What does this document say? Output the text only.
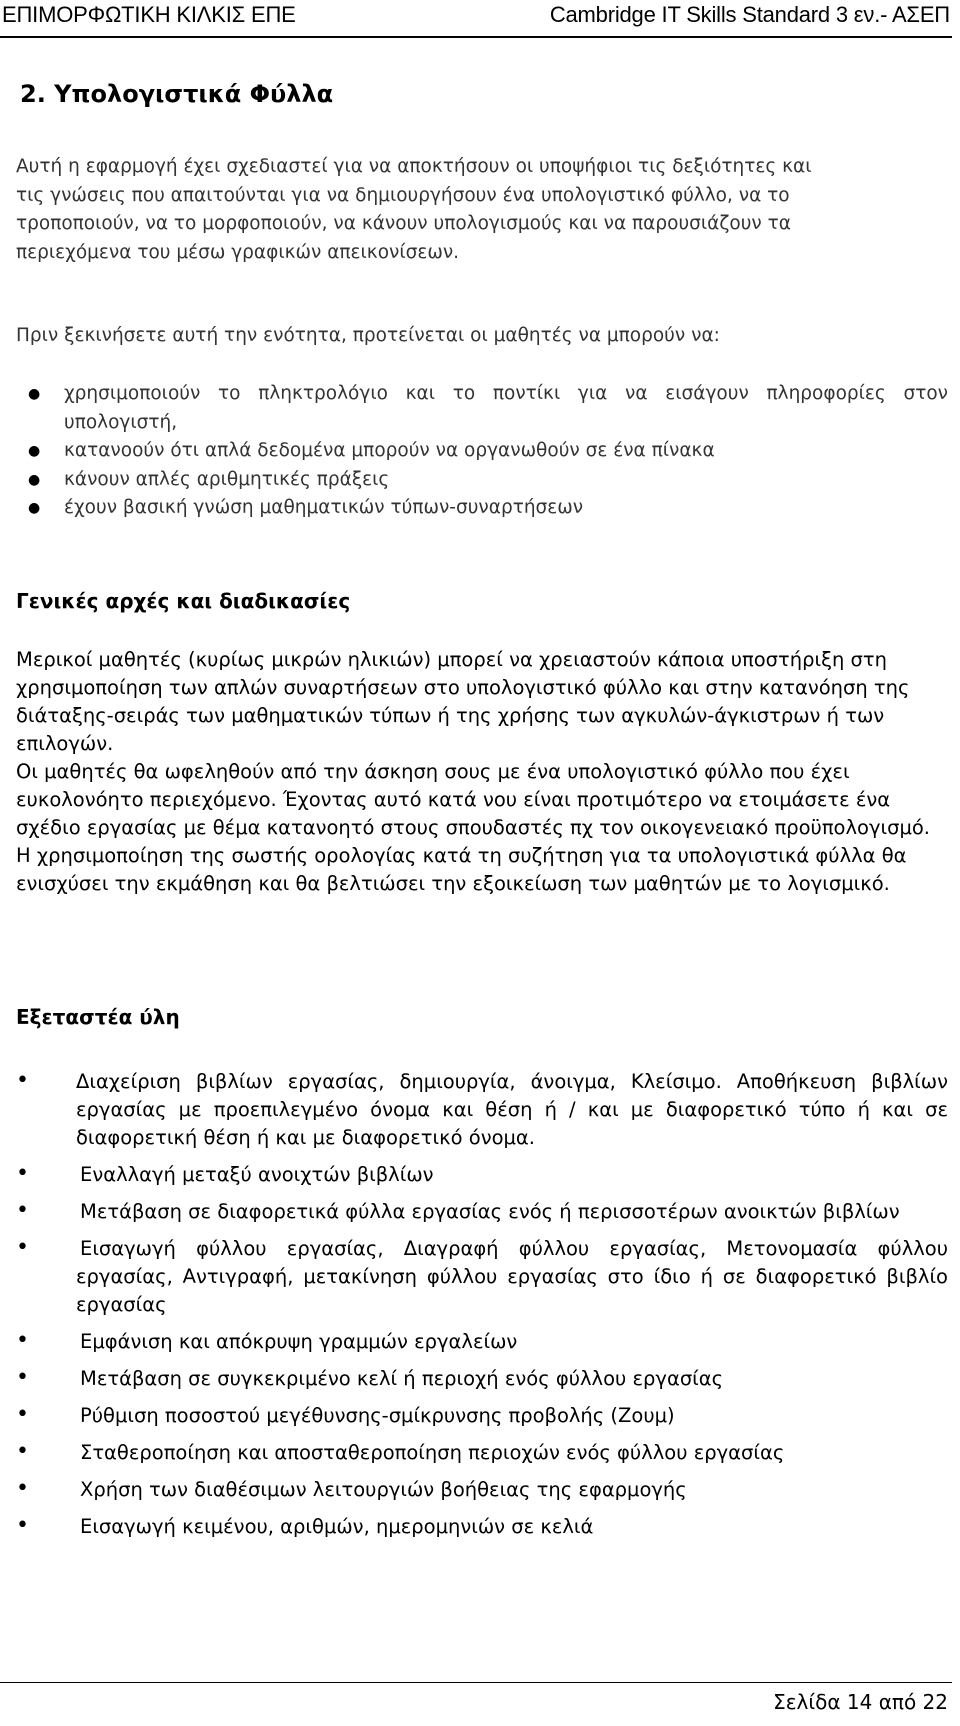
ΕΠΙΜΟΡΦΩΤΙΚΗ ΚΙΛΚΙΣ ΕΠΕ	Cambridge IT Skills Standard 3 εν.- ΑΣΕΠ
2. Υπολογιστικά Φύλλα
Αυτή η εφαρμογή έχει σχεδιαστεί για να αποκτήσουν οι υποψήφιοι τις δεξιότητες και
τις γνώσεις που απαιτούνται για να δημιουργήσουν ένα υπολογιστικό φύλλο, να το
τροποποιούν, να το μορφοποιούν, να κάνουν υπολογισμούς και να παρουσιάζουν τα
περιεχόμενα του μέσω γραφικών απεικονίσεων.
Πριν ξεκινήσετε αυτή την ενότητα, προτείνεται οι μαθητές να μπορούν να:
● χρησιμοποιούν το πληκτρολόγιο και το ποντίκι για να εισάγουν πληροφορίες στον υπολογιστή,
● κατανοούν ότι απλά δεδομένα μπορούν να οργανωθούν σε ένα πίνακα
● κάνουν απλές αριθμητικές πράξεις
● έχουν βασική γνώση μαθηματικών τύπων-συναρτήσεων
Γενικές αρχές και διαδικασίες
Μερικοί μαθητές (κυρίως μικρών ηλικιών) μπορεί να χρειαστούν κάποια υποστήριξη στη χρησιμοποίηση των απλών συναρτήσεων στο υπολογιστικό φύλλο και στην κατανόηση της διάταξης-σειράς των μαθηματικών τύπων ή της χρήσης των αγκυλών-άγκιστρων ή των επιλογών.
Οι μαθητές θα ωφεληθούν από την άσκηση σους με ένα υπολογιστικό φύλλο που έχει ευκολονόητο περιεχόμενο. Έχοντας αυτό κατά νου είναι προτιμότερο να ετοιμάσετε ένα σχέδιο εργασίας με θέμα κατανοητό στους σπουδαστές πχ τον οικογενειακό προϋπολογισμό.
Η χρησιμοποίηση της σωστής ορολογίας κατά τη συζήτηση για τα υπολογιστικά φύλλα θα ενισχύσει την εκμάθηση και θα βελτιώσει την εξοικείωση των μαθητών με το λογισμικό.
Εξεταστέα ύλη
• Διαχείριση βιβλίων εργασίας, δημιουργία, άνοιγμα, Κλείσιμο. Αποθήκευση βιβλίων εργασίας με προεπιλεγμένο όνομα και θέση ή / και με διαφορετικό τύπο ή και σε διαφορετική θέση ή και με διαφορετικό όνομα.
•	Εναλλαγή μεταξύ ανοιχτών βιβλίων
•	Μετάβαση σε διαφορετικά φύλλα εργασίας ενός ή περισσοτέρων ανοικτών βιβλίων
•	Εισαγωγή φύλλου εργασίας, Διαγραφή φύλλου εργασίας, Μετονομασία φύλλου εργασίας, Αντιγραφή, μετακίνηση φύλλου εργασίας στο ίδιο ή σε διαφορετικό βιβλίο εργασίας
•	Εμφάνιση και απόκρυψη γραμμών εργαλείων
•	Μετάβαση σε συγκεκριμένο κελί ή περιοχή ενός φύλλου εργασίας
•	Ρύθμιση ποσοστού μεγέθυνσης-σμίκρυνσης προβολής (Ζουμ)
•	Σταθεροποίηση και αποσταθεροποίηση περιοχών ενός φύλλου εργασίας
•	Χρήση των διαθέσιμων λειτουργιών βοήθειας της εφαρμογής
•	Εισαγωγή κειμένου, αριθμών, ημερομηνιών σε κελιά
Σελίδα 14 από 22
